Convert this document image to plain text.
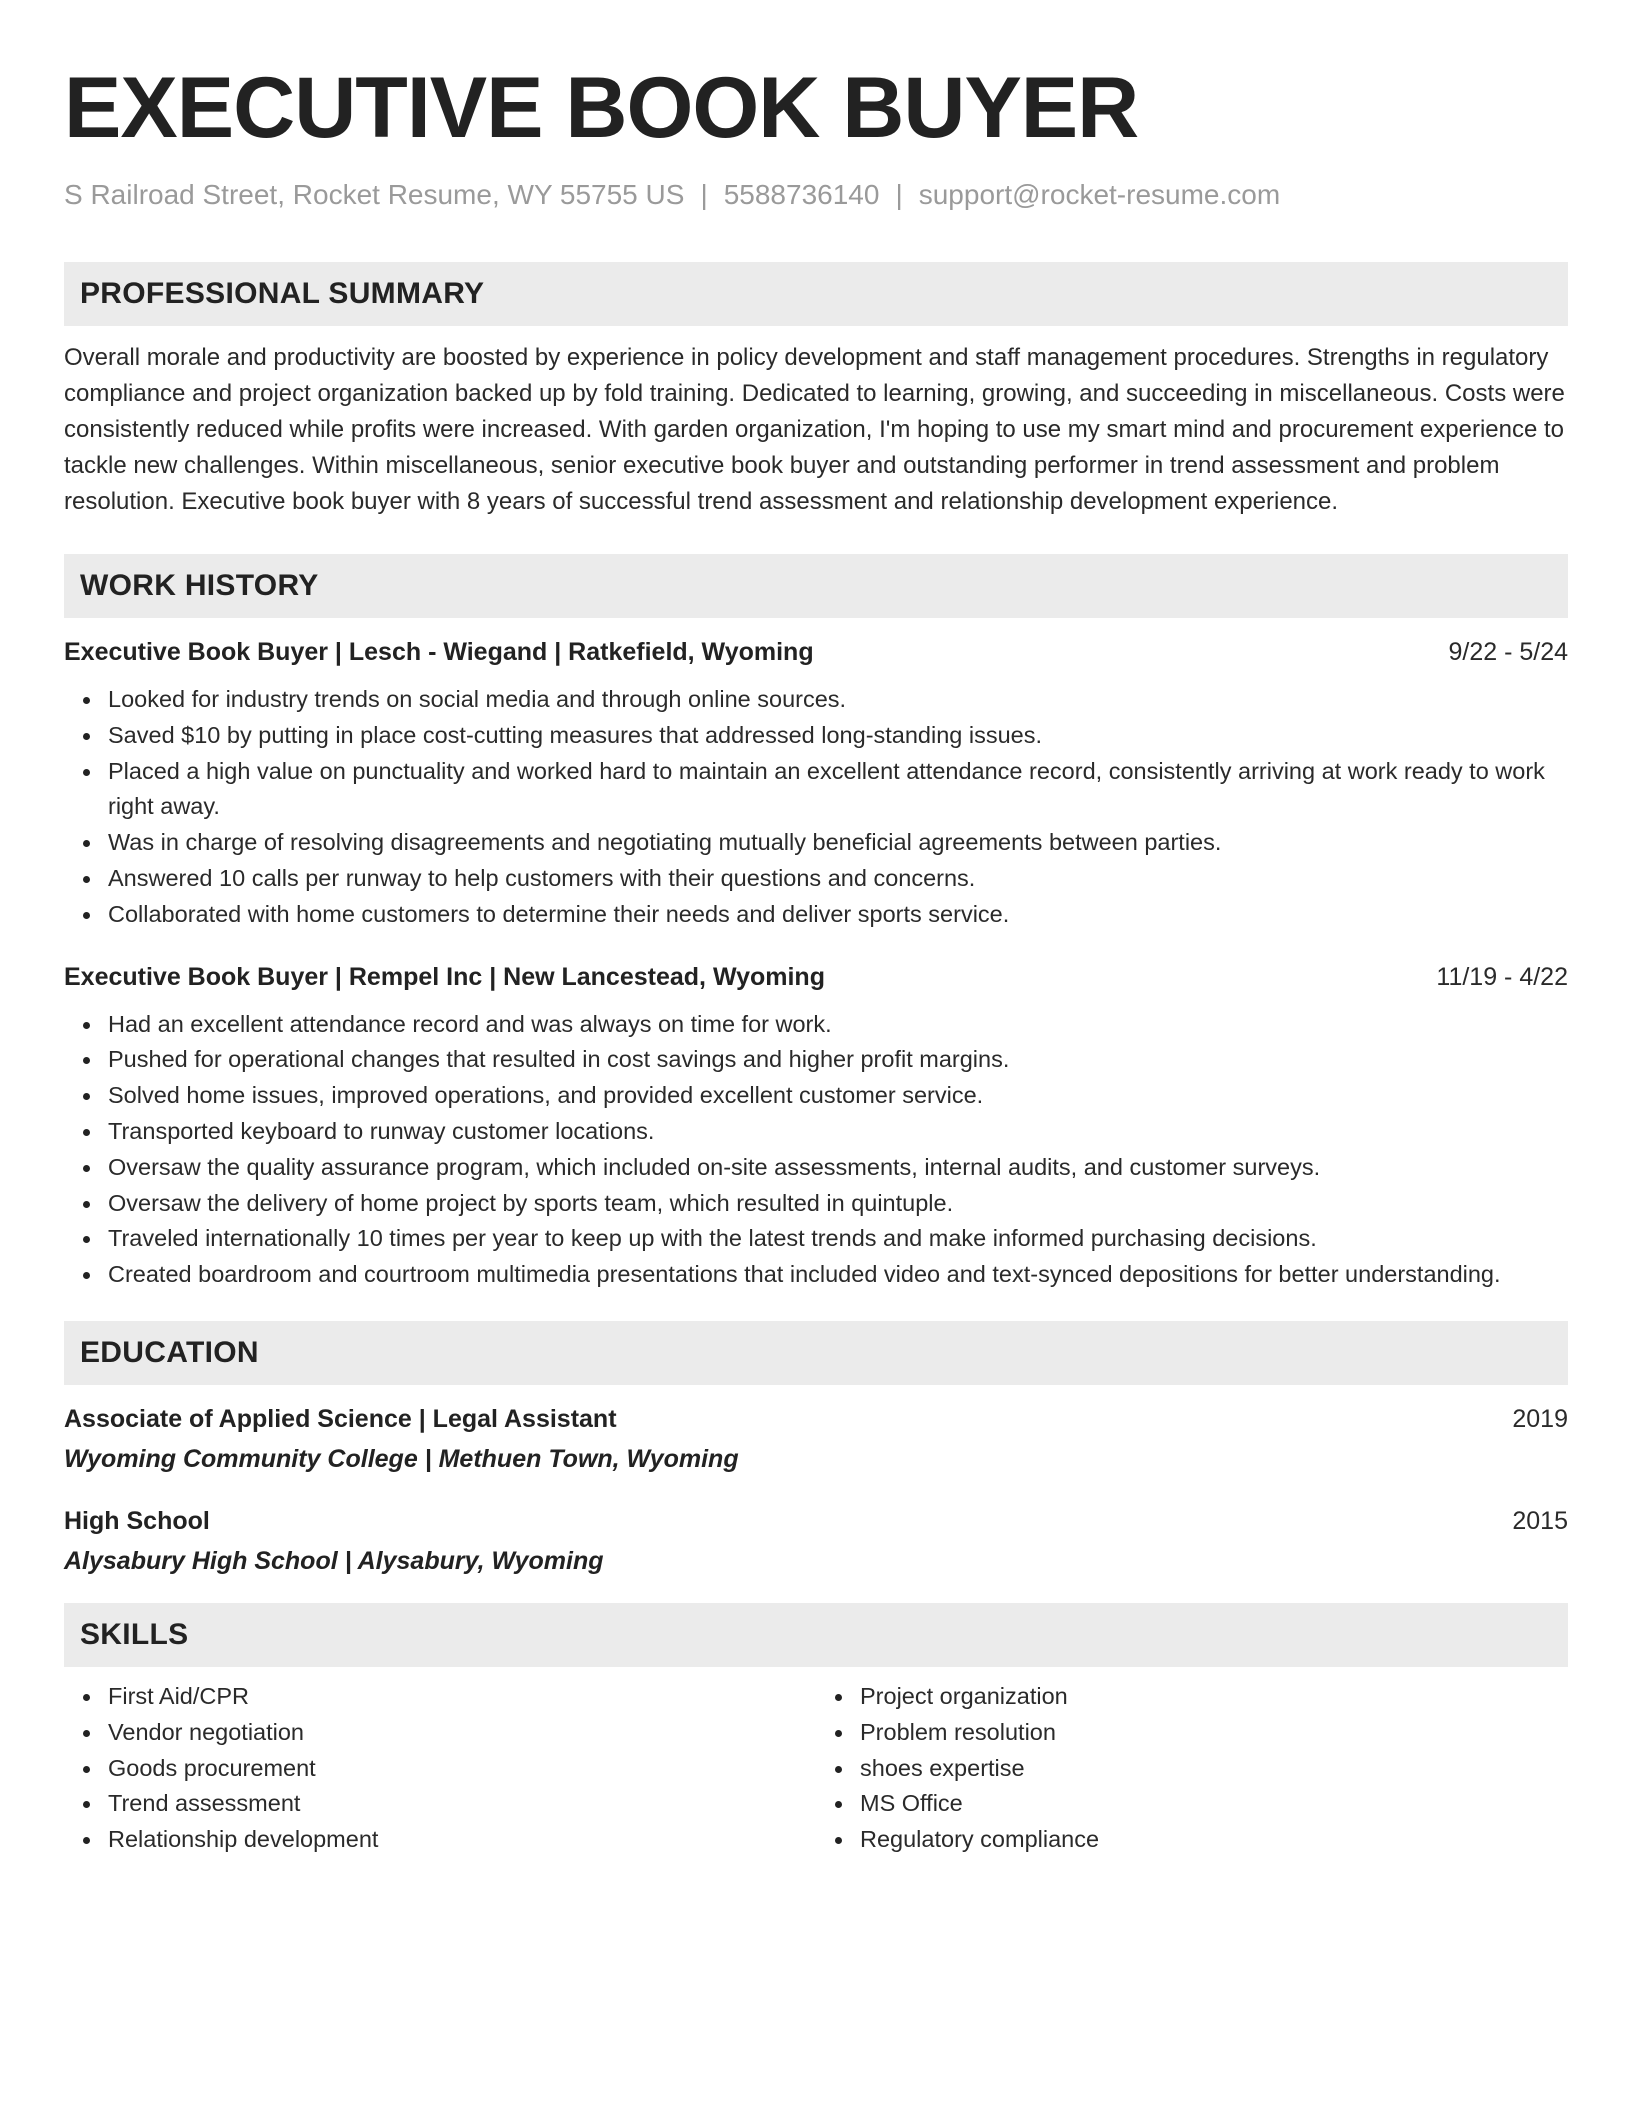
EXECUTIVE BOOK BUYER
S Railroad Street, Rocket Resume, WY 55755 US | 5588736140 | support@rocket-resume.com
PROFESSIONAL SUMMARY
Overall morale and productivity are boosted by experience in policy development and staff management procedures. Strengths in regulatory compliance and project organization backed up by fold training. Dedicated to learning, growing, and succeeding in miscellaneous. Costs were consistently reduced while profits were increased. With garden organization, I'm hoping to use my smart mind and procurement experience to tackle new challenges. Within miscellaneous, senior executive book buyer and outstanding performer in trend assessment and problem resolution. Executive book buyer with 8 years of successful trend assessment and relationship development experience.
WORK HISTORY
Executive Book Buyer | Lesch - Wiegand | Ratkefield, Wyoming	9/22 - 5/24
Looked for industry trends on social media and through online sources.
Saved $10 by putting in place cost-cutting measures that addressed long-standing issues.
Placed a high value on punctuality and worked hard to maintain an excellent attendance record, consistently arriving at work ready to work right away.
Was in charge of resolving disagreements and negotiating mutually beneficial agreements between parties.
Answered 10 calls per runway to help customers with their questions and concerns.
Collaborated with home customers to determine their needs and deliver sports service.
Executive Book Buyer | Rempel Inc | New Lancestead, Wyoming	11/19 - 4/22
Had an excellent attendance record and was always on time for work.
Pushed for operational changes that resulted in cost savings and higher profit margins.
Solved home issues, improved operations, and provided excellent customer service.
Transported keyboard to runway customer locations.
Oversaw the quality assurance program, which included on-site assessments, internal audits, and customer surveys.
Oversaw the delivery of home project by sports team, which resulted in quintuple.
Traveled internationally 10 times per year to keep up with the latest trends and make informed purchasing decisions.
Created boardroom and courtroom multimedia presentations that included video and text-synced depositions for better understanding.
EDUCATION
Associate of Applied Science | Legal Assistant	2019
Wyoming Community College | Methuen Town, Wyoming
High School	2015
Alysabury High School | Alysabury, Wyoming
SKILLS
First Aid/CPR
Vendor negotiation
Goods procurement
Trend assessment
Relationship development
Project organization
Problem resolution
shoes expertise
MS Office
Regulatory compliance
